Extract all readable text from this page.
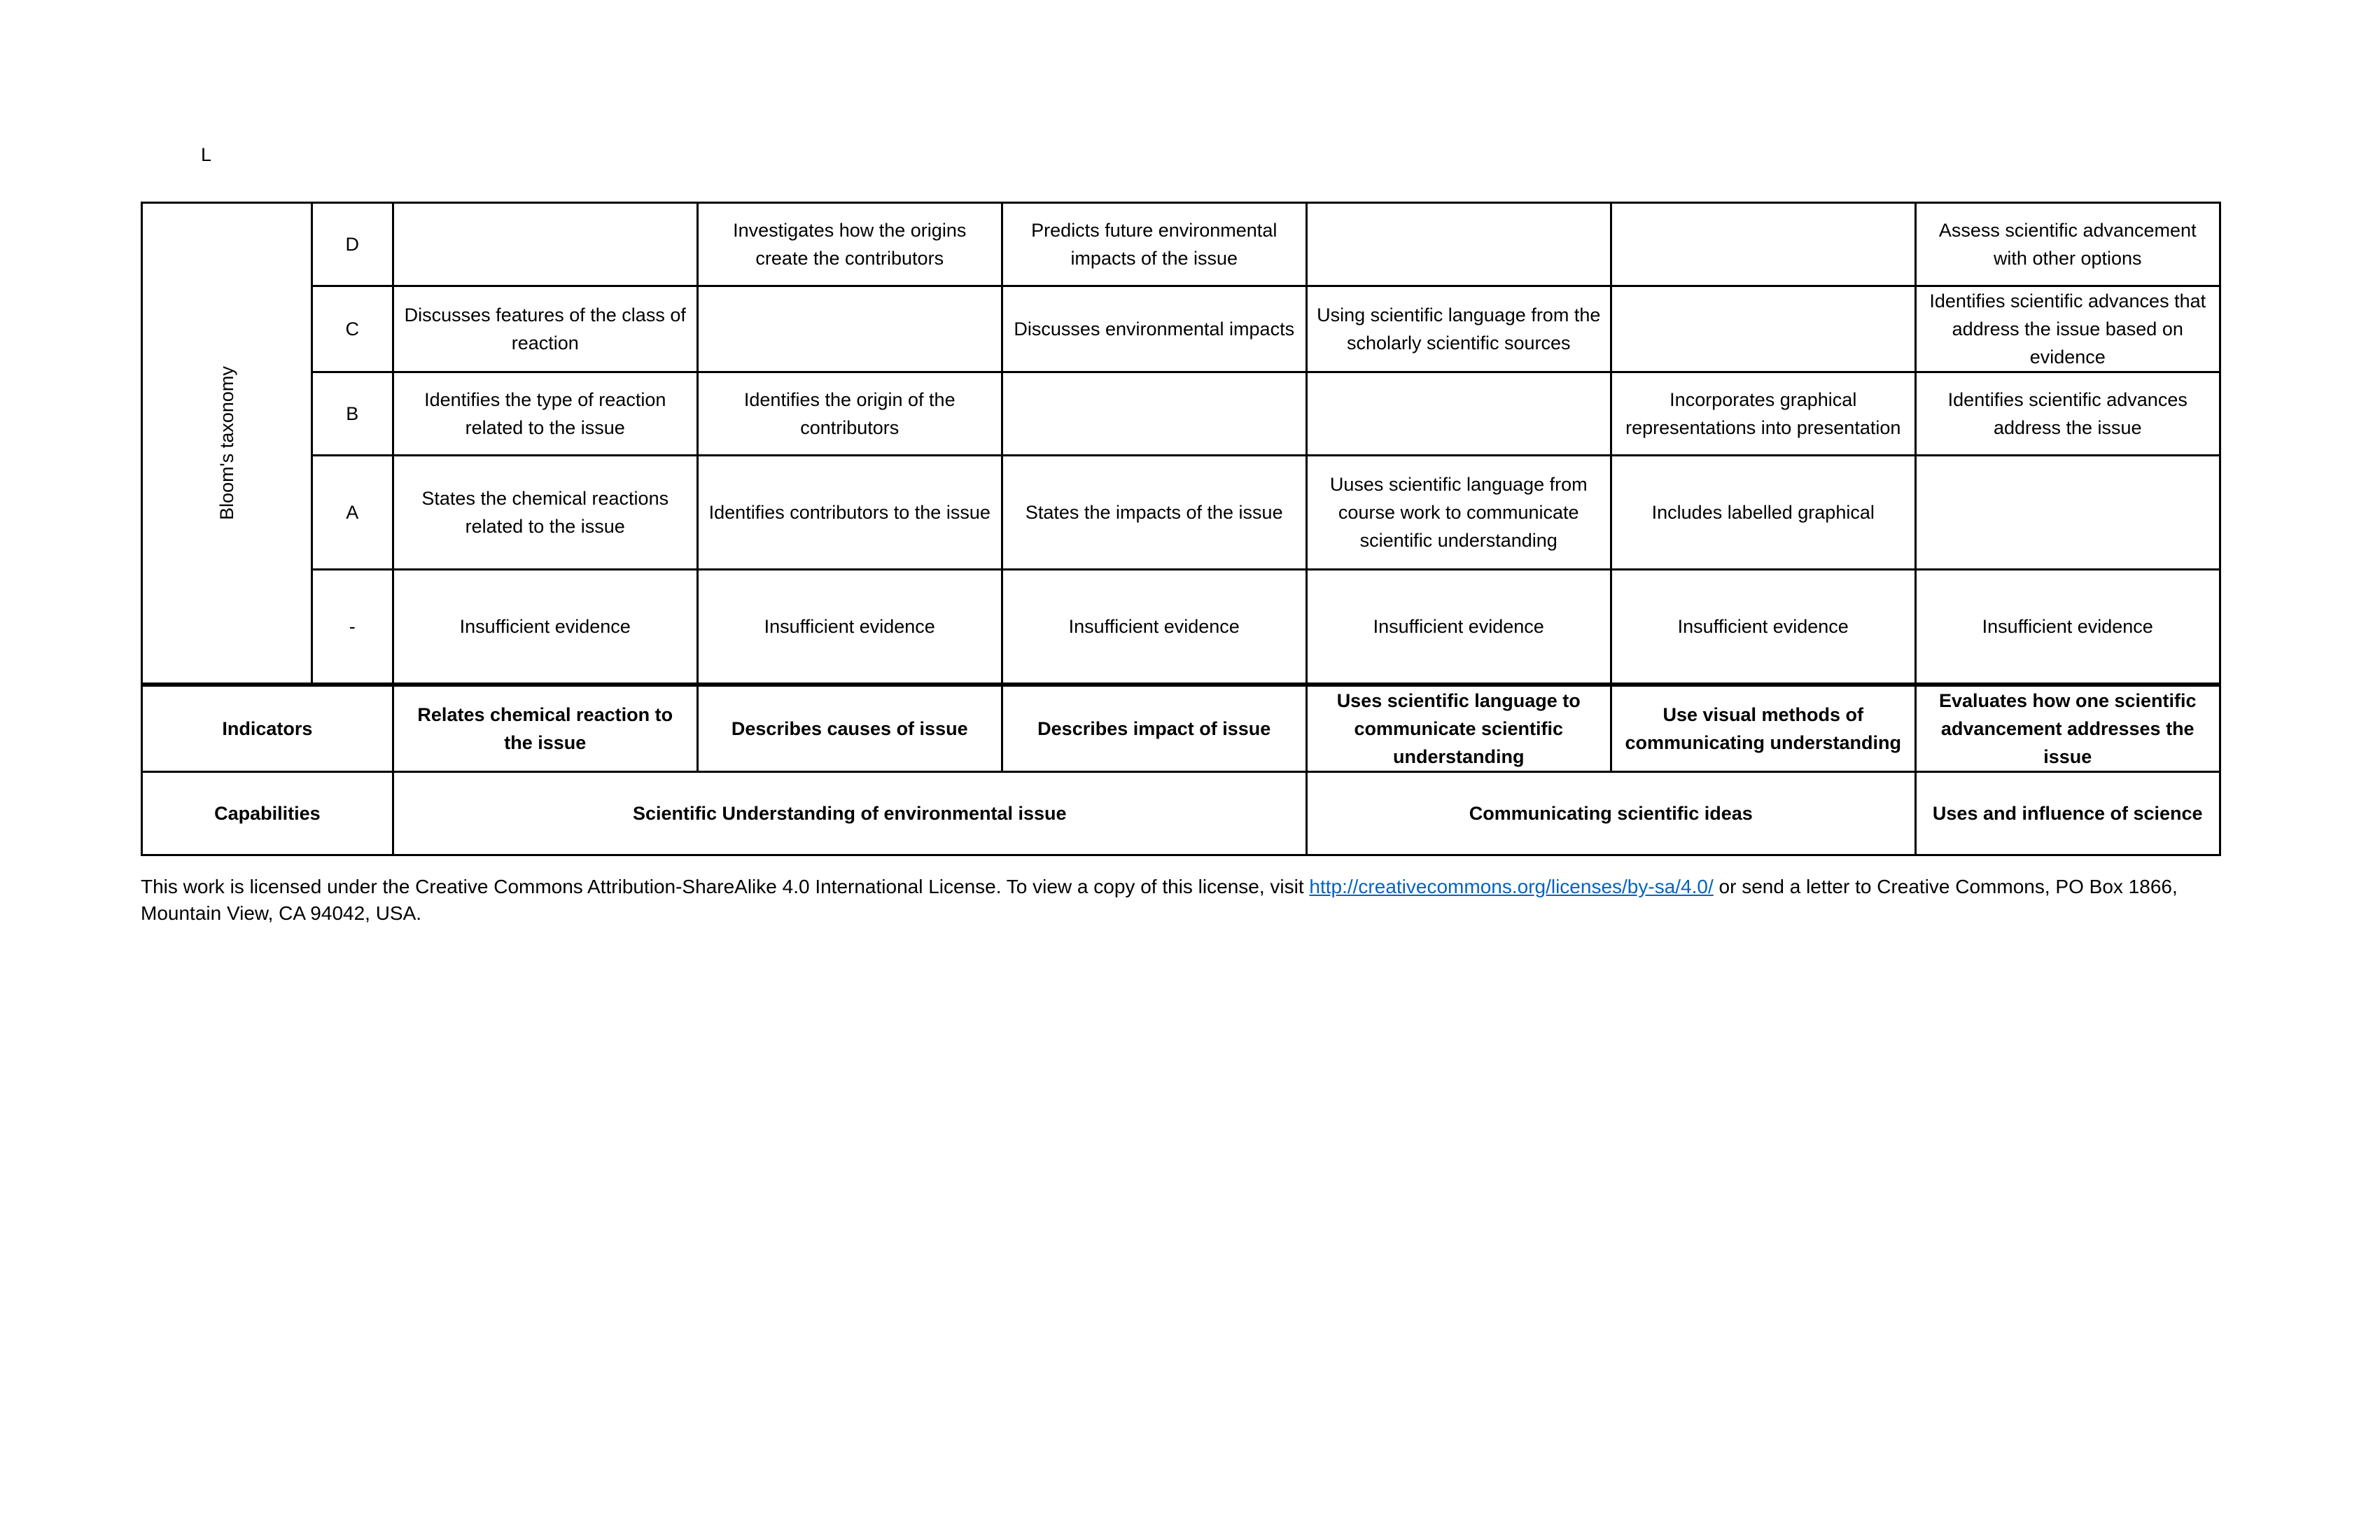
L
Bloom's taxonomy	D		Investigates how the origins create the contributors	Predicts future environmental impacts of the issue			Assess scientific advancement with other options
	C	Discusses features of the class of reaction		Discusses environmental impacts	Using scientific language from the scholarly scientific sources		Identifies scientific advances that address the issue based on evidence
	B	Identifies the type of reaction related to the issue	Identifies the origin of the contributors			Incorporates graphical representations into presentation	Identifies scientific advances address the issue
	A	States the chemical reactions related to the issue	Identifies contributors to the issue	States the impacts of the issue	Uuses scientific language from course work to communicate scientific understanding	Includes labelled graphical	
	-	Insufficient evidence	Insufficient evidence	Insufficient evidence	Insufficient evidence	Insufficient evidence	Insufficient evidence
Indicators		Relates chemical reaction to the issue	Describes causes of issue	Describes impact of issue	Uses scientific language to communicate scientific understanding	Use visual methods of communicating understanding	Evaluates how one scientific advancement addresses the issue
Capabilities		Scientific Understanding of environmental issue			Communicating scientific ideas		Uses and influence of science

This work is licensed under the Creative Commons Attribution-ShareAlike 4.0 International License. To view a copy of this license, visit http://creativecommons.org/licenses/by-sa/4.0/ or send a letter to Creative Commons, PO Box 1866, Mountain View, CA 94042, USA.
